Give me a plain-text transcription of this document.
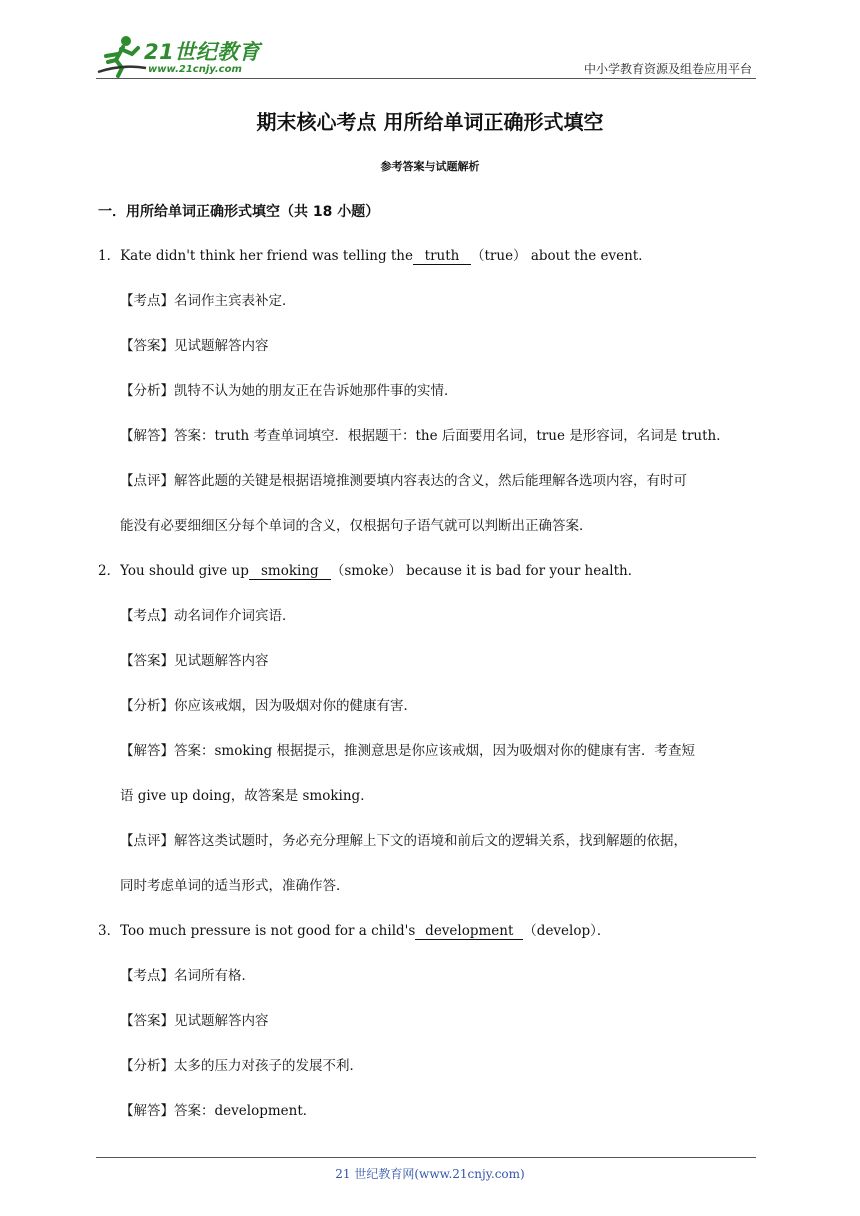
21世纪教育
www.21cnjy.com	中小学教育资源及组卷应用平台
期末核心考点 用所给单词正确形式填空
参考答案与试题解析
一．用所给单词正确形式填空（共 18 小题）
1．Kate didn't think her friend was telling the truth （true） about the event．
【考点】名词作主宾表补定．
【答案】见试题解答内容
【分析】凯特不认为她的朋友正在告诉她那件事的实情．
【解答】答案：truth 考查单词填空．根据题干：the 后面要用名词，true 是形容词，名词是 truth．
【点评】解答此题的关键是根据语境推测要填内容表达的含义，然后能理解各选项内容，有时可
能没有必要细细区分每个单词的含义，仅根据句子语气就可以判断出正确答案．
2．You should give up smoking （smoke） because it is bad for your health．
【考点】动名词作介词宾语．
【答案】见试题解答内容
【分析】你应该戒烟，因为吸烟对你的健康有害．
【解答】答案：smoking 根据提示，推测意思是你应该戒烟，因为吸烟对你的健康有害．考查短
语 give up doing，故答案是 smoking．
【点评】解答这类试题时，务必充分理解上下文的语境和前后文的逻辑关系，找到解题的依据，
同时考虑单词的适当形式，准确作答．
3．Too much pressure is not good for a child's development （develop）．
【考点】名词所有格．
【答案】见试题解答内容
【分析】太多的压力对孩子的发展不利．
【解答】答案：development．
21 世纪教育网(www.21cnjy.com)
